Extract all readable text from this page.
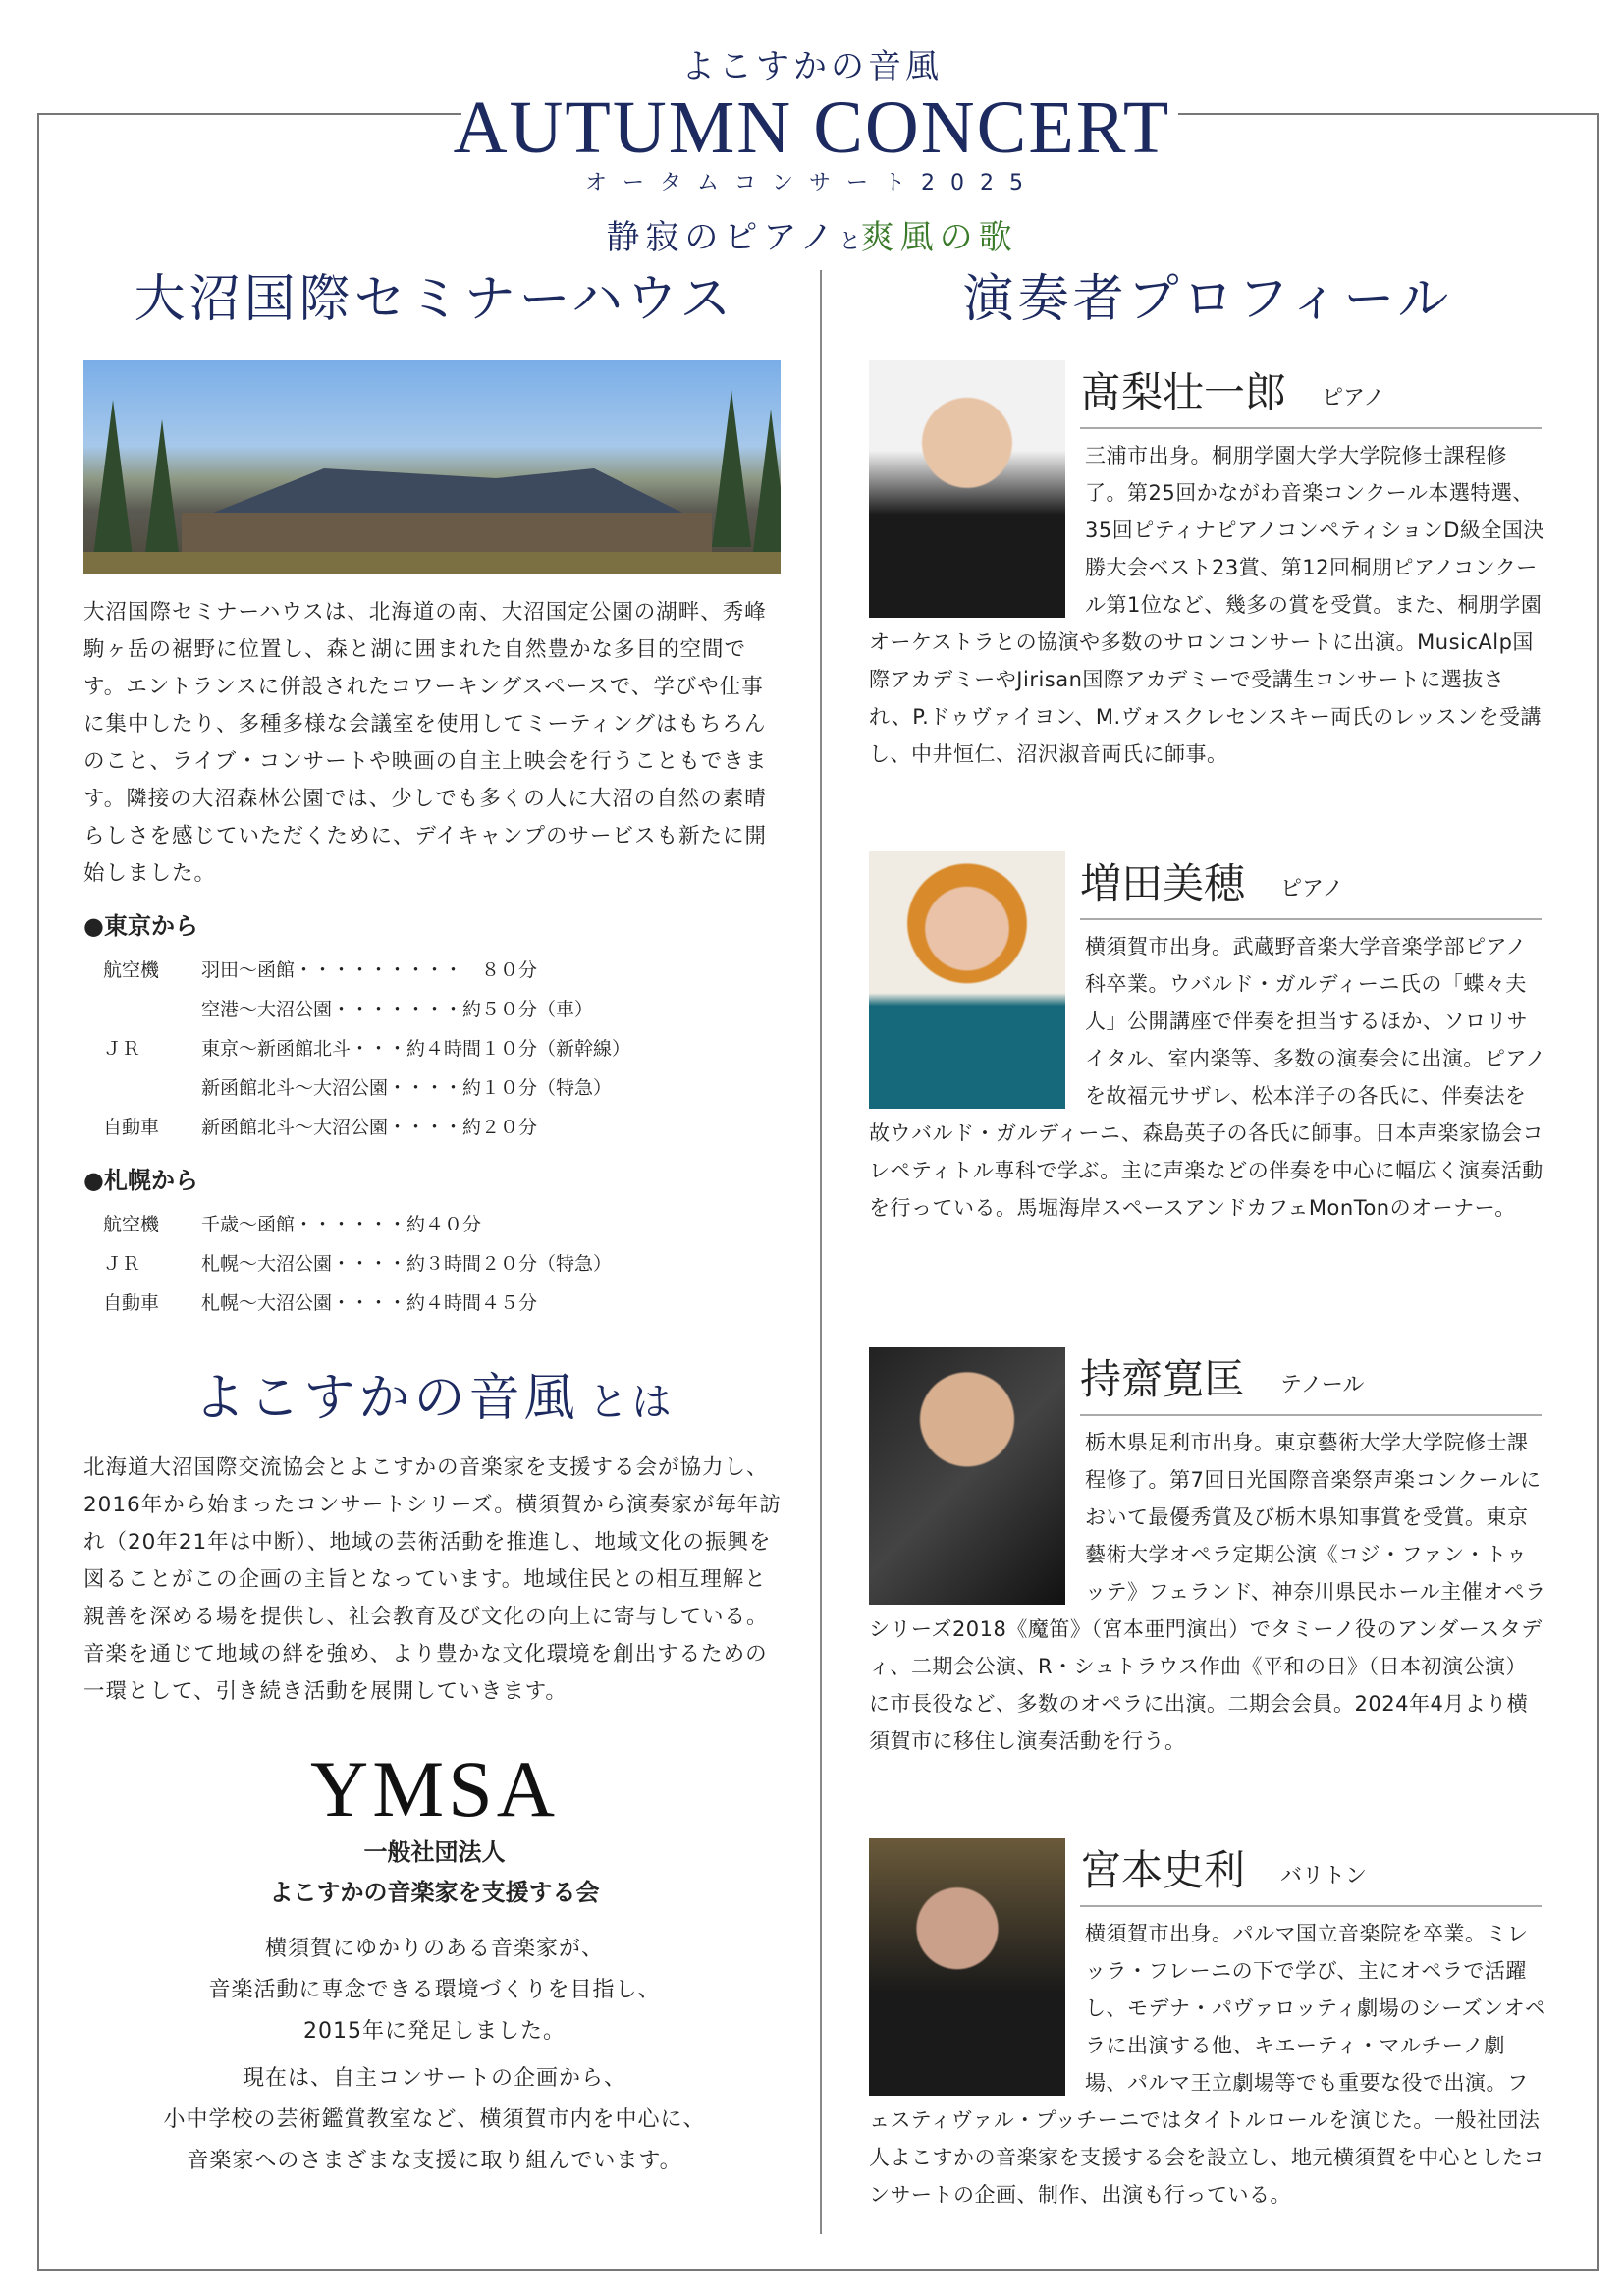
よこすかの音風
AUTUMN CONCERT
オータムコンサート2025
静寂のピアノと爽風の歌
大沼国際セミナーハウス

大沼国際セミナーハウスは、北海道の南、大沼国定公園の湖畔、秀峰駒ヶ岳の裾野に位置し、森と湖に囲まれた自然豊かな多目的空間です。エントランスに併設されたコワーキングスペースで、学びや仕事に集中したり、多種多様な会議室を使用してミーティングはもちろんのこと、ライブ・コンサートや映画の自主上映会を行うこともできます。隣接の大沼森林公園では、少しでも多くの人に大沼の自然の素晴らしさを感じていただくために、デイキャンプのサービスも新たに開始しました。

●東京から
航空機	羽田〜函館・・・・・・・・・　８０分
	空港〜大沼公園・・・・・・・約５０分（車）
ＪＲ	東京〜新函館北斗・・・約４時間１０分（新幹線）
	新函館北斗〜大沼公園・・・・約１０分（特急）
自動車	新函館北斗〜大沼公園・・・・約２０分
●札幌から
航空機	千歳〜函館・・・・・・約４０分
ＪＲ	札幌〜大沼公園・・・・約３時間２０分（特急）
自動車	札幌〜大沼公園・・・・約４時間４５分
よこすかの音風 とは

北海道大沼国際交流協会とよこすかの音楽家を支援する会が協力し、2016年から始まったコンサートシリーズ。横須賀から演奏家が毎年訪れ（20年21年は中断）、地域の芸術活動を推進し、地域文化の振興を図ることがこの企画の主旨となっています。地域住民との相互理解と親善を深める場を提供し、社会教育及び文化の向上に寄与している。音楽を通じて地域の絆を強め、より豊かな文化環境を創出するための一環として、引き続き活動を展開していきます。

YMSA
一般社団法人
よこすかの音楽家を支援する会
横須賀にゆかりのある音楽家が、
音楽活動に専念できる環境づくりを目指し、
2015年に発足しました。
現在は、自主コンサートの企画から、
小中学校の芸術鑑賞教室など、横須賀市内を中心に、
音楽家へのさまざまな支援に取り組んでいます。
演奏者プロフィール
髙梨壮一郎 ピアノ
三浦市出身。桐朋学園大学大学院修士課程修了。第25回かながわ音楽コンクール本選特選、35回ピティナピアノコンペティションD級全国決勝大会ベスト23賞、第12回桐朋ピアノコンクール第1位など、幾多の賞を受賞。また、桐朋学園オーケストラとの協演や多数のサロンコンサートに出演。MusicAlp国際アカデミーやJirisan国際アカデミーで受講生コンサートに選抜され、P.ドゥヴァイヨン、M.ヴォスクレセンスキー両氏のレッスンを受講し、中井恒仁、沼沢淑音両氏に師事。
増田美穂 ピアノ
横須賀市出身。武蔵野音楽大学音楽学部ピアノ科卒業。ウバルド・ガルディーニ氏の「蝶々夫人」公開講座で伴奏を担当するほか、ソロリサイタル、室内楽等、多数の演奏会に出演。ピアノを故福元サザレ、松本洋子の各氏に、伴奏法を故ウバルド・ガルディーニ、森島英子の各氏に師事。日本声楽家協会コレペティトル専科で学ぶ。主に声楽などの伴奏を中心に幅広く演奏活動を行っている。馬堀海岸スペースアンドカフェMonTonのオーナー。
持齋寛匡 テノール
栃木県足利市出身。東京藝術大学大学院修士課程修了。第7回日光国際音楽祭声楽コンクールにおいて最優秀賞及び栃木県知事賞を受賞。東京藝術大学オペラ定期公演《コジ・ファン・トゥッテ》フェランド、神奈川県民ホール主催オペラシリーズ2018《魔笛》（宮本亜門演出）でタミーノ役のアンダースタディ、二期会公演、R・シュトラウス作曲《平和の日》（日本初演公演）に市長役など、多数のオペラに出演。二期会会員。2024年4月より横須賀市に移住し演奏活動を行う。
宮本史利 バリトン
横須賀市出身。パルマ国立音楽院を卒業。ミレッラ・フレーニの下で学び、主にオペラで活躍し、モデナ・パヴァロッティ劇場のシーズンオペラに出演する他、キエーティ・マルチーノ劇場、パルマ王立劇場等でも重要な役で出演。フェスティヴァル・プッチーニではタイトルロールを演じた。一般社団法人よこすかの音楽家を支援する会を設立し、地元横須賀を中心としたコンサートの企画、制作、出演も行っている。
